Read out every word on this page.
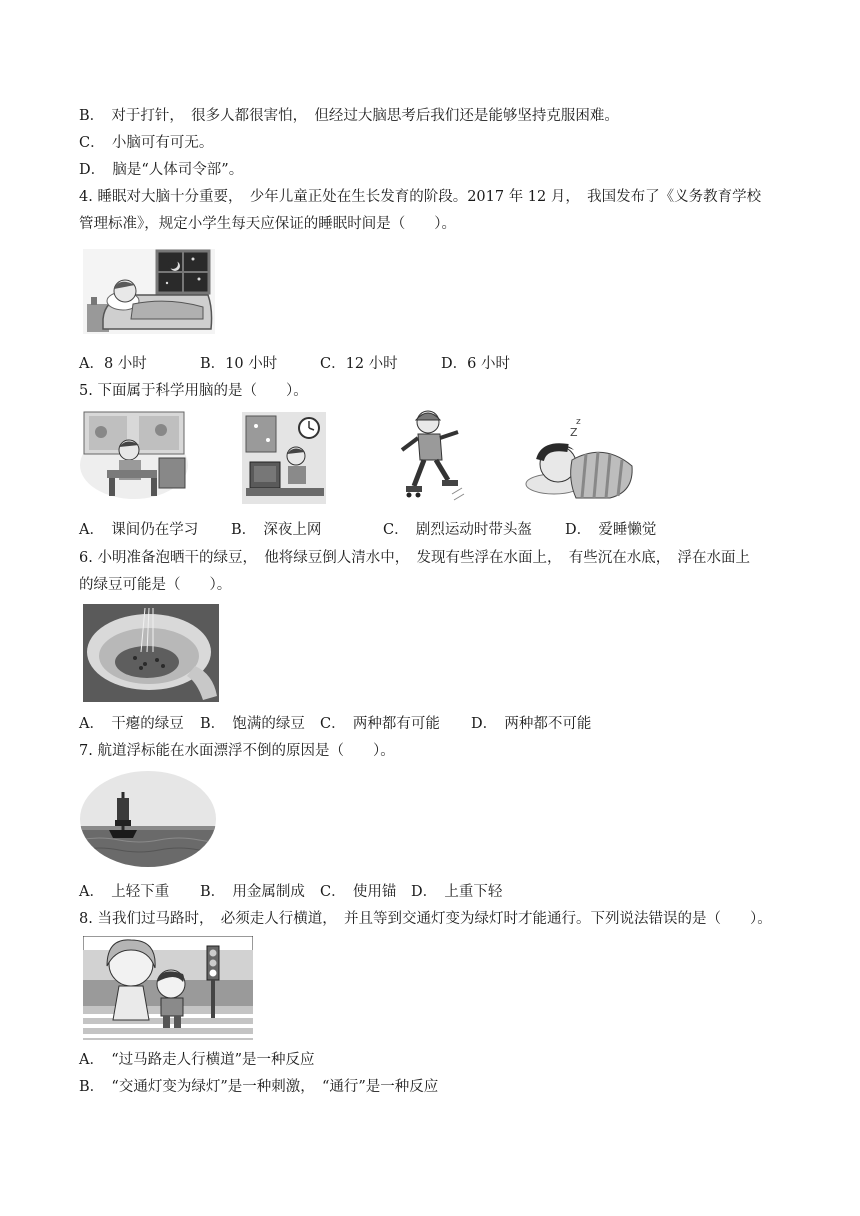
B．　对于打针，　很多人都很害怕，　但经过大脑思考后我们还是能够坚持克服困难。
C．　小脑可有可无。
D．　脑是“人体司令部”。
4. 睡眠对大脑十分重要，　少年儿童正处在生长发育的阶段。2017 年 12 月，　我国发布了《义务教育学校
管理标准》，规定小学生每天应保证的睡眠时间是（　　）。
A．8 小时	B．10 小时	C．12 小时	D．6 小时
5. 下面属于科学用脑的是（　　）。
z
Z
A．　课间仍在学习 B．　深夜上网	C．　剧烈运动时带头盔 D．　爱睡懒觉
6. 小明准备泡晒干的绿豆，　他将绿豆倒人清水中，　发现有些浮在水面上，　有些沉在水底，　浮在水面上
的绿豆可能是（　　）。
A．　干瘪的绿豆 B．　饱满的绿豆 C．　两种都有可能 D．　两种都不可能
7. 航道浮标能在水面漂浮不倒的原因是（　　）。
A．　上轻下重 B．　用金属制成 C．　使用锚 D．　上重下轻
8. 当我们过马路时，　必须走人行横道，　并且等到交通灯变为绿灯时才能通行。下列说法错误的是（　　）。
A．　“过马路走人行横道”是一种反应
B．　“交通灯变为绿灯”是一种刺激，　“通行”是一种反应
